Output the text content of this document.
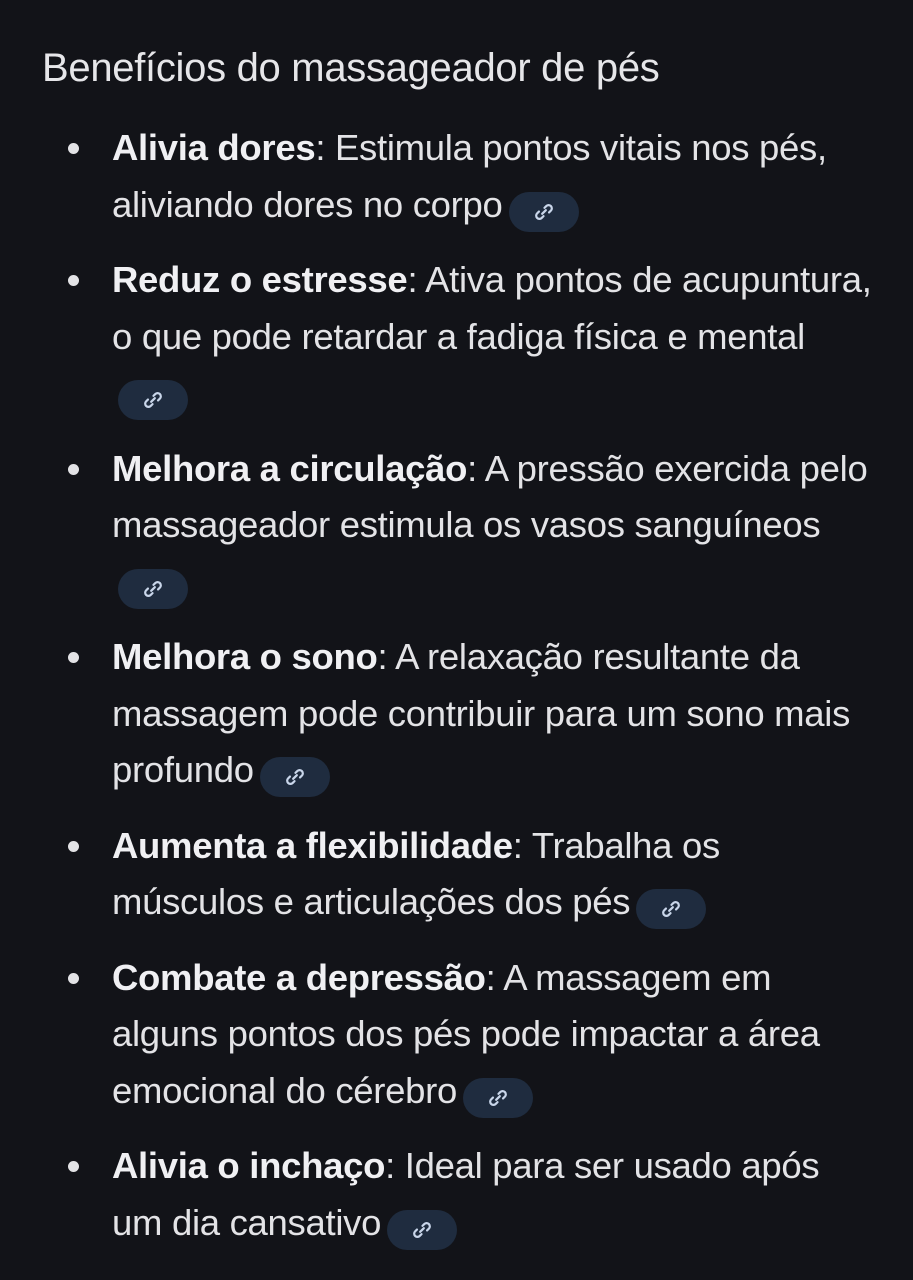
Benefícios do massageador de pés
Alivia dores: Estimula pontos vitais nos pés, aliviando dores no corpo
Reduz o estresse: Ativa pontos de acupuntura, o que pode retardar a fadiga física e mental
Melhora a circulação: A pressão exercida pelo massageador estimula os vasos sanguíneos
Melhora o sono: A relaxação resultante da massagem pode contribuir para um sono mais profundo
Aumenta a flexibilidade: Trabalha os músculos e articulações dos pés
Combate a depressão: A massagem em alguns pontos dos pés pode impactar a área emocional do cérebro
Alivia o inchaço: Ideal para ser usado após um dia cansativo
